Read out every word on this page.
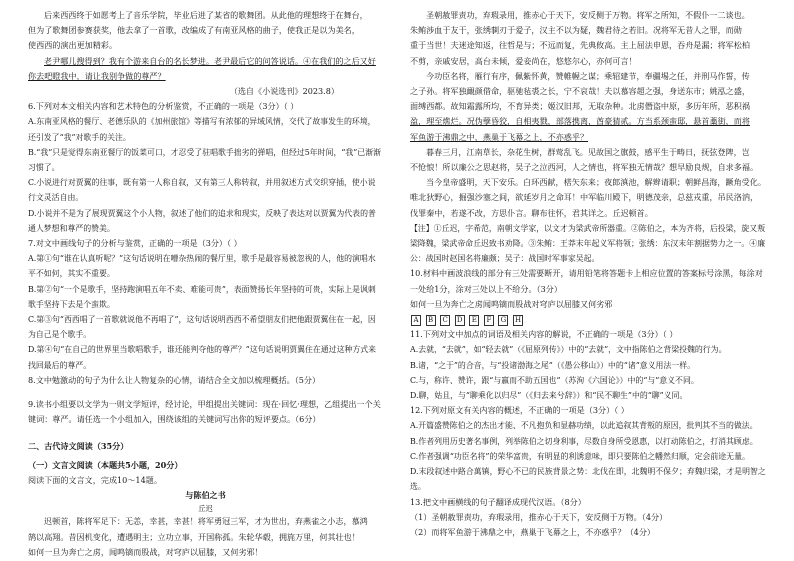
后来西西终于如愿考上了音乐学院，毕业后进了某省的歌舞团。从此他的理想终于在舞台，

但为了歌舞团参赛获奖，他去拿了一首歌，改编成了有南亚风格的曲子，使我正是以为美名，

使西西的演出更加精彩。

老尹哪儿搜得到？我有个游来自台的名长梦进。老尹最后它的问答说话。④在我们的之后又好

你去吧瞪我中，请让我别争做的尊严？

（选自《小说选刊》2023.8）

6.下列对本文相关内容和艺术特色的分析鉴赏，不正确的一项是（3分）（ ）

A.东南亚风格的餐厅、老德乐队的《加州旅馆》等描写有浓郁的异域风情，交代了故事发生的环境，还引发了“我”对歌手的关注。

B.“我”只是觉得东南亚餐厅的饭菜可口，才忍受了驻唱歌手拙劣的弹唱，但经过5年时间，“我”已渐渐习惯了。

C.小说进行对贾翼的往事，既有第一人称自叙，又有第三人称转叙，并用叙述方式交织穿插，使小说行文灵活自由。

D.小说并不是为了展现贾翼这个小人物，叙述了他们的追求和现实，反映了表达对以贾翼为代表的普通人梦想和尊严的赞美。

7.对文中画线句子的分析与鉴赏，正确的一项是（3分）（ ）

A.第①句“谁在认真听呢？”这句话说明在嘈杂热闹的餐厅里，歌手是最容易被忽视的人，他的演唱水平不如何，其实不重要。

B.第②句“一个是歌手，坚持跑演唱五年不卖、难能可贵”，表面赞扬长年坚持的可贵，实际上是讽刺歌手坚持下去是个蛮欺。

C.第③句“西西唱了一首歌就说他不再唱了”，这句话说明西西不希望朋友们把他跟贾翼住在一起，因为自己是个歌手。

D.第④句“在自己的世界里当歌唱歌手，谁还能判夺他的尊严？”这句话说明贾翼住在通过这种方式来找回最后的尊严。

8.文中勉激动的句子为什么让人物复杂的心情，请结合全文加以梳理概括。（5分）

9.读书小组要以文学为一则文学短评，经讨论，甲组提出关键词：现在·回忆·理想，乙组提出一个关键词：尊严。请任选一个小组加入，围绕该组的关键词写出你的短评要点。（6分）

二、古代诗文阅读（35分）

（一）文言文阅读（本题共5小题，20分）

阅读下面的文言文，完成10～14题。

与陈伯之书

丘迟

迟顿首，陈将军足下：无恙，幸甚，幸甚！将军勇冠三军，才为世出，弃燕雀之小志，慕鸿

鹄以高翔。昔因机变化，遭遇明主；立功立事，开国称孤。朱轮华毂，拥旄万里，何其壮也！

如何一旦为奔亡之虏，闻鸣镝而股战，对穹庐以屈膝，又何劣邪！

圣朝赦罪责功，弃瑕录用，推赤心于天下，安反侧于万物。将军之所知，不假仆一二谈也。

朱鲔涉血于友于，张绣剚刃于爱子，汉主不以为疑，魏君待之若旧。况将军无昔人之罪，而勋

重于当世！夫迷途知返，往哲是与；不远而复，先典攸高。主上屈法申恩，吞舟是漏；将军松柏

不剪，亲戚安居，高台未倾，爱妾尚在，悠悠尔心，亦何可言！

今功臣名将，雁行有序，佩紫怀黄，赞帷幄之谋；乘轺建节，奉疆埸之任，并刑马作誓，传

之子孙。将军独靦颜借命，驱驰毡裘之长，宁不哀哉！夫以慕容超之强，身送东市；姚泓之盛，

面缚西都。故知霜露所均，不育异类；姬汉旧邦，无取杂种。北虏僭盗中原，多历年所，恶积祸

盈，理至燋烂。况伪孽昏狡，自相夷戮，部落携离，酋豪猜贰。方当系颈蛮邸，悬首藁街，而将

军鱼游于沸鼎之中，燕巢于飞幕之上，不亦惑乎？

暮春三月，江南草长，杂花生树，群莺乱飞。见故国之旗鼓，感平生于畴日，抚弦登陴，岂

不怆悢！所以廉公之思赵将，吴子之泣西河，人之情也，将军独无情哉？想早励良规，自求多福。

当今皇帝盛明，天下安乐。白环西献，楛矢东来；夜郎滇池，解辫请职；朝鲜昌海，蹶角受化。

唯北狄野心，掘强沙塞之间，欲延岁月之命耳！中军临川殿下，明德茂亲，总兹戎重，吊民洛汭，

伐罪秦中，若遂不改，方思仆言。聊布往怀，君其详之。丘迟顿首。

【注】①丘迟，字希范，南朝文学家，以文才为梁武帝所器重。②陈伯之，本为齐将，后投梁，旋又叛梁降魏，梁武帝命丘迟致书劝降。③朱鲔：王莽末年起义军将领；张绣：东汉末年割据势力之一。④廉公：战国时赵国名将廉颇；吴子：战国时军事家吴起。

10.材料中画波浪线的部分有三处需要断开，请用铅笔将答题卡上相应位置的答案标号涂黑，每涂对一处给1分，涂对三处以上不给分。（3分）

如何一旦为奔亡之虏闻鸣镝而股战对穹庐以屈膝又何劣邪

A B C D E F G H

11.下列对文中加点的词语及相关内容的解说，不正确的一项是（3分）（ ）

A.去就，“去就”，如“轻去就”（《屈原列传》）中的“去就”，文中指陈伯之背梁投魏的行为。

B.诸，“之于”的合音，与“投诸渤海之尾”（《愚公移山》）中的“诸”意义用法一样。

C.与，称许、赞许，跟“与嬴而不助五国也”（苏洵《六国论》）中的“与”意义不同。

D.聊，姑且，与“聊乘化以归尽”（《归去来兮辞》）和“民不聊生”中的“聊”义同。

12.下列对原文有关内容的概述，不正确的一项是（3分）（ ）

A.开篇盛赞陈伯之的杰出才能、不凡抱负和显赫功绩，以此追叙其背叛的原因，批判其不当的做法。

B.作者列用历史著名事例，列举陈伯之切身利事，尽数自身所受恩惠，以打动陈伯之，打消其顾虑。

C.作者强调“功臣名将”的荣华富贵，有明显的利诱意味，即只要陈伯之幡然归顺，定会前途无量。

D.末段叙述中路合萬镇，野心不已的民族背景之势：北伐在即，北魏明不保夕；弃魏归梁，才是明智之选。

13.把文中画横线的句子翻译成现代汉语。（8分）

（1）圣朝赦罪责功，弃瑕录用，推赤心于天下，安反侧于万物。（4分）

（2）而将军鱼游于沸鼎之中，燕巢于飞幕之上，不亦惑乎？（4分）
